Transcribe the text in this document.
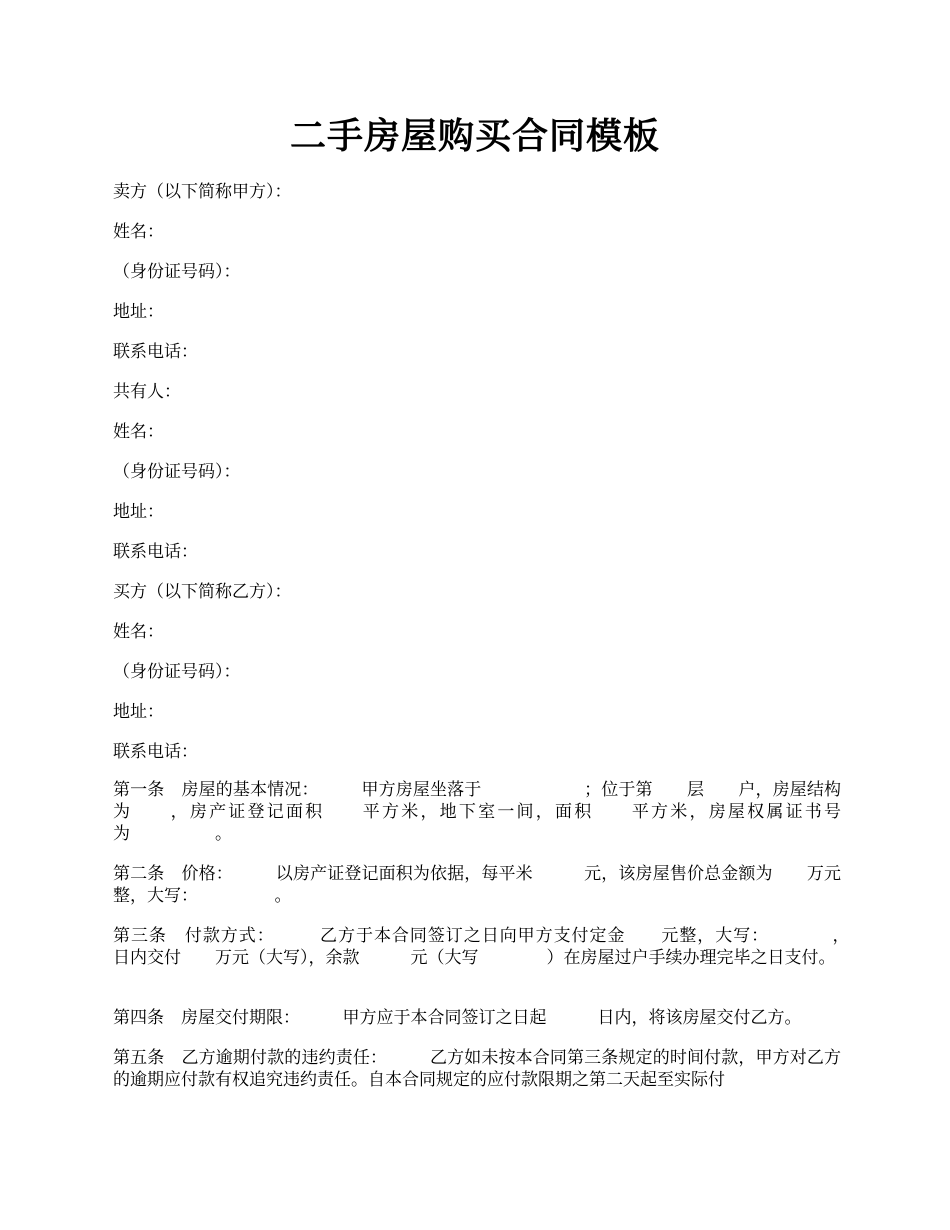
二手房屋购买合同模板
卖方（以下简称甲方）：
姓名：
（身份证号码）：
地址：
联系电话：
共有人：
姓名：
（身份证号码）：
地址：
联系电话：
买方（以下简称乙方）：
姓名：
（身份证号码）：
地址：
联系电话：
第一条　房屋的基本情况：　　　甲方房屋坐落于　　　　　　；位于第　　层　　户，房屋结构为　　，房产证登记面积　　平方米，地下室一间，面积　　平方米，房屋权属证书号为　　　　　。
第二条　价格：　　　以房产证登记面积为依据，每平米　　　元，该房屋售价总金额为　　万元整，大写：　　　　　。
第三条　付款方式：　　　乙方于本合同签订之日向甲方支付定金　　元整，大写：　　　　，　　　日内交付　　万元（大写），余款　　　元（大写　　　　）在房屋过户手续办理完毕之日支付。
第四条　房屋交付期限：　　　甲方应于本合同签订之日起　　　日内，将该房屋交付乙方。
第五条　乙方逾期付款的违约责任：　　　乙方如未按本合同第三条规定的时间付款，甲方对乙方的逾期应付款有权追究违约责任。自本合同规定的应付款限期之第二天起至实际付
